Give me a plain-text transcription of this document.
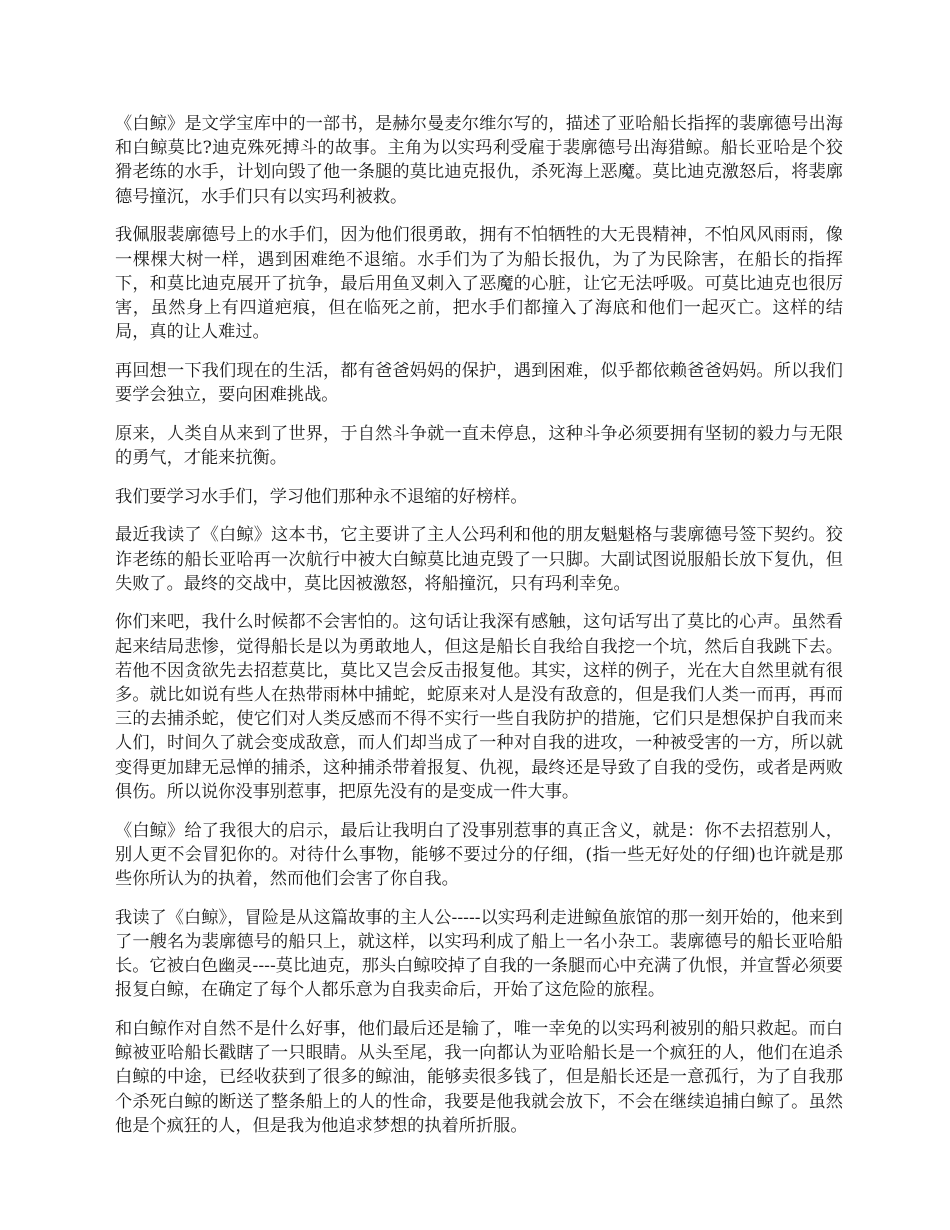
《白鲸》是文学宝库中的一部书，是赫尔曼麦尔维尔写的，描述了亚哈船长指挥的裴廓德号出海和白鲸莫比?迪克殊死搏斗的故事。主角为以实玛利受雇于裴廓德号出海猎鲸。船长亚哈是个狡猾老练的水手，计划向毁了他一条腿的莫比迪克报仇，杀死海上恶魔。莫比迪克激怒后，将裴廓德号撞沉，水手们只有以实玛利被救。

我佩服裴廓德号上的水手们，因为他们很勇敢，拥有不怕牺牲的大无畏精神，不怕风风雨雨，像一棵棵大树一样，遇到困难绝不退缩。水手们为了为船长报仇，为了为民除害，在船长的指挥下，和莫比迪克展开了抗争，最后用鱼叉刺入了恶魔的心脏，让它无法呼吸。可莫比迪克也很厉害，虽然身上有四道疤痕，但在临死之前，把水手们都撞入了海底和他们一起灭亡。这样的结局，真的让人难过。

再回想一下我们现在的生活，都有爸爸妈妈的保护，遇到困难，似乎都依赖爸爸妈妈。所以我们要学会独立，要向困难挑战。

原来，人类自从来到了世界，于自然斗争就一直未停息，这种斗争必须要拥有坚韧的毅力与无限的勇气，才能来抗衡。

我们要学习水手们，学习他们那种永不退缩的好榜样。

最近我读了《白鲸》这本书，它主要讲了主人公玛利和他的朋友魁魁格与裴廓德号签下契约。狡诈老练的船长亚哈再一次航行中被大白鲸莫比迪克毁了一只脚。大副试图说服船长放下复仇，但失败了。最终的交战中，莫比因被激怒，将船撞沉，只有玛利幸免。

你们来吧，我什么时候都不会害怕的。这句话让我深有感触，这句话写出了莫比的心声。虽然看起来结局悲惨，觉得船长是以为勇敢地人，但这是船长自我给自我挖一个坑，然后自我跳下去。若他不因贪欲先去招惹莫比，莫比又岂会反击报复他。其实，这样的例子，光在大自然里就有很多。就比如说有些人在热带雨林中捕蛇，蛇原来对人是没有敌意的，但是我们人类一而再，再而三的去捕杀蛇，使它们对人类反感而不得不实行一些自我防护的措施，它们只是想保护自我而来人们，时间久了就会变成敌意，而人们却当成了一种对自我的进攻，一种被受害的一方，所以就变得更加肆无忌惮的捕杀，这种捕杀带着报复、仇视，最终还是导致了自我的受伤，或者是两败俱伤。所以说你没事别惹事，把原先没有的是变成一件大事。

《白鲸》给了我很大的启示，最后让我明白了没事别惹事的真正含义，就是：你不去招惹别人，别人更不会冒犯你的。对待什么事物，能够不要过分的仔细，(指一些无好处的仔细)也许就是那些你所认为的执着，然而他们会害了你自我。

我读了《白鲸》，冒险是从这篇故事的主人公-----以实玛利走进鲸鱼旅馆的那一刻开始的，他来到了一艘名为裴廓德号的船只上，就这样，以实玛利成了船上一名小杂工。裴廓德号的船长亚哈船长。它被白色幽灵----莫比迪克，那头白鲸咬掉了自我的一条腿而心中充满了仇恨，并宣誓必须要报复白鲸，在确定了每个人都乐意为自我卖命后，开始了这危险的旅程。

和白鲸作对自然不是什么好事，他们最后还是输了，唯一幸免的以实玛利被别的船只救起。而白鲸被亚哈船长戳瞎了一只眼睛。从头至尾，我一向都认为亚哈船长是一个疯狂的人，他们在追杀白鲸的中途，已经收获到了很多的鲸油，能够卖很多钱了，但是船长还是一意孤行，为了自我那个杀死白鲸的断送了整条船上的人的性命，我要是他我就会放下，不会在继续追捕白鲸了。虽然他是个疯狂的人，但是我为他追求梦想的执着所折服。
